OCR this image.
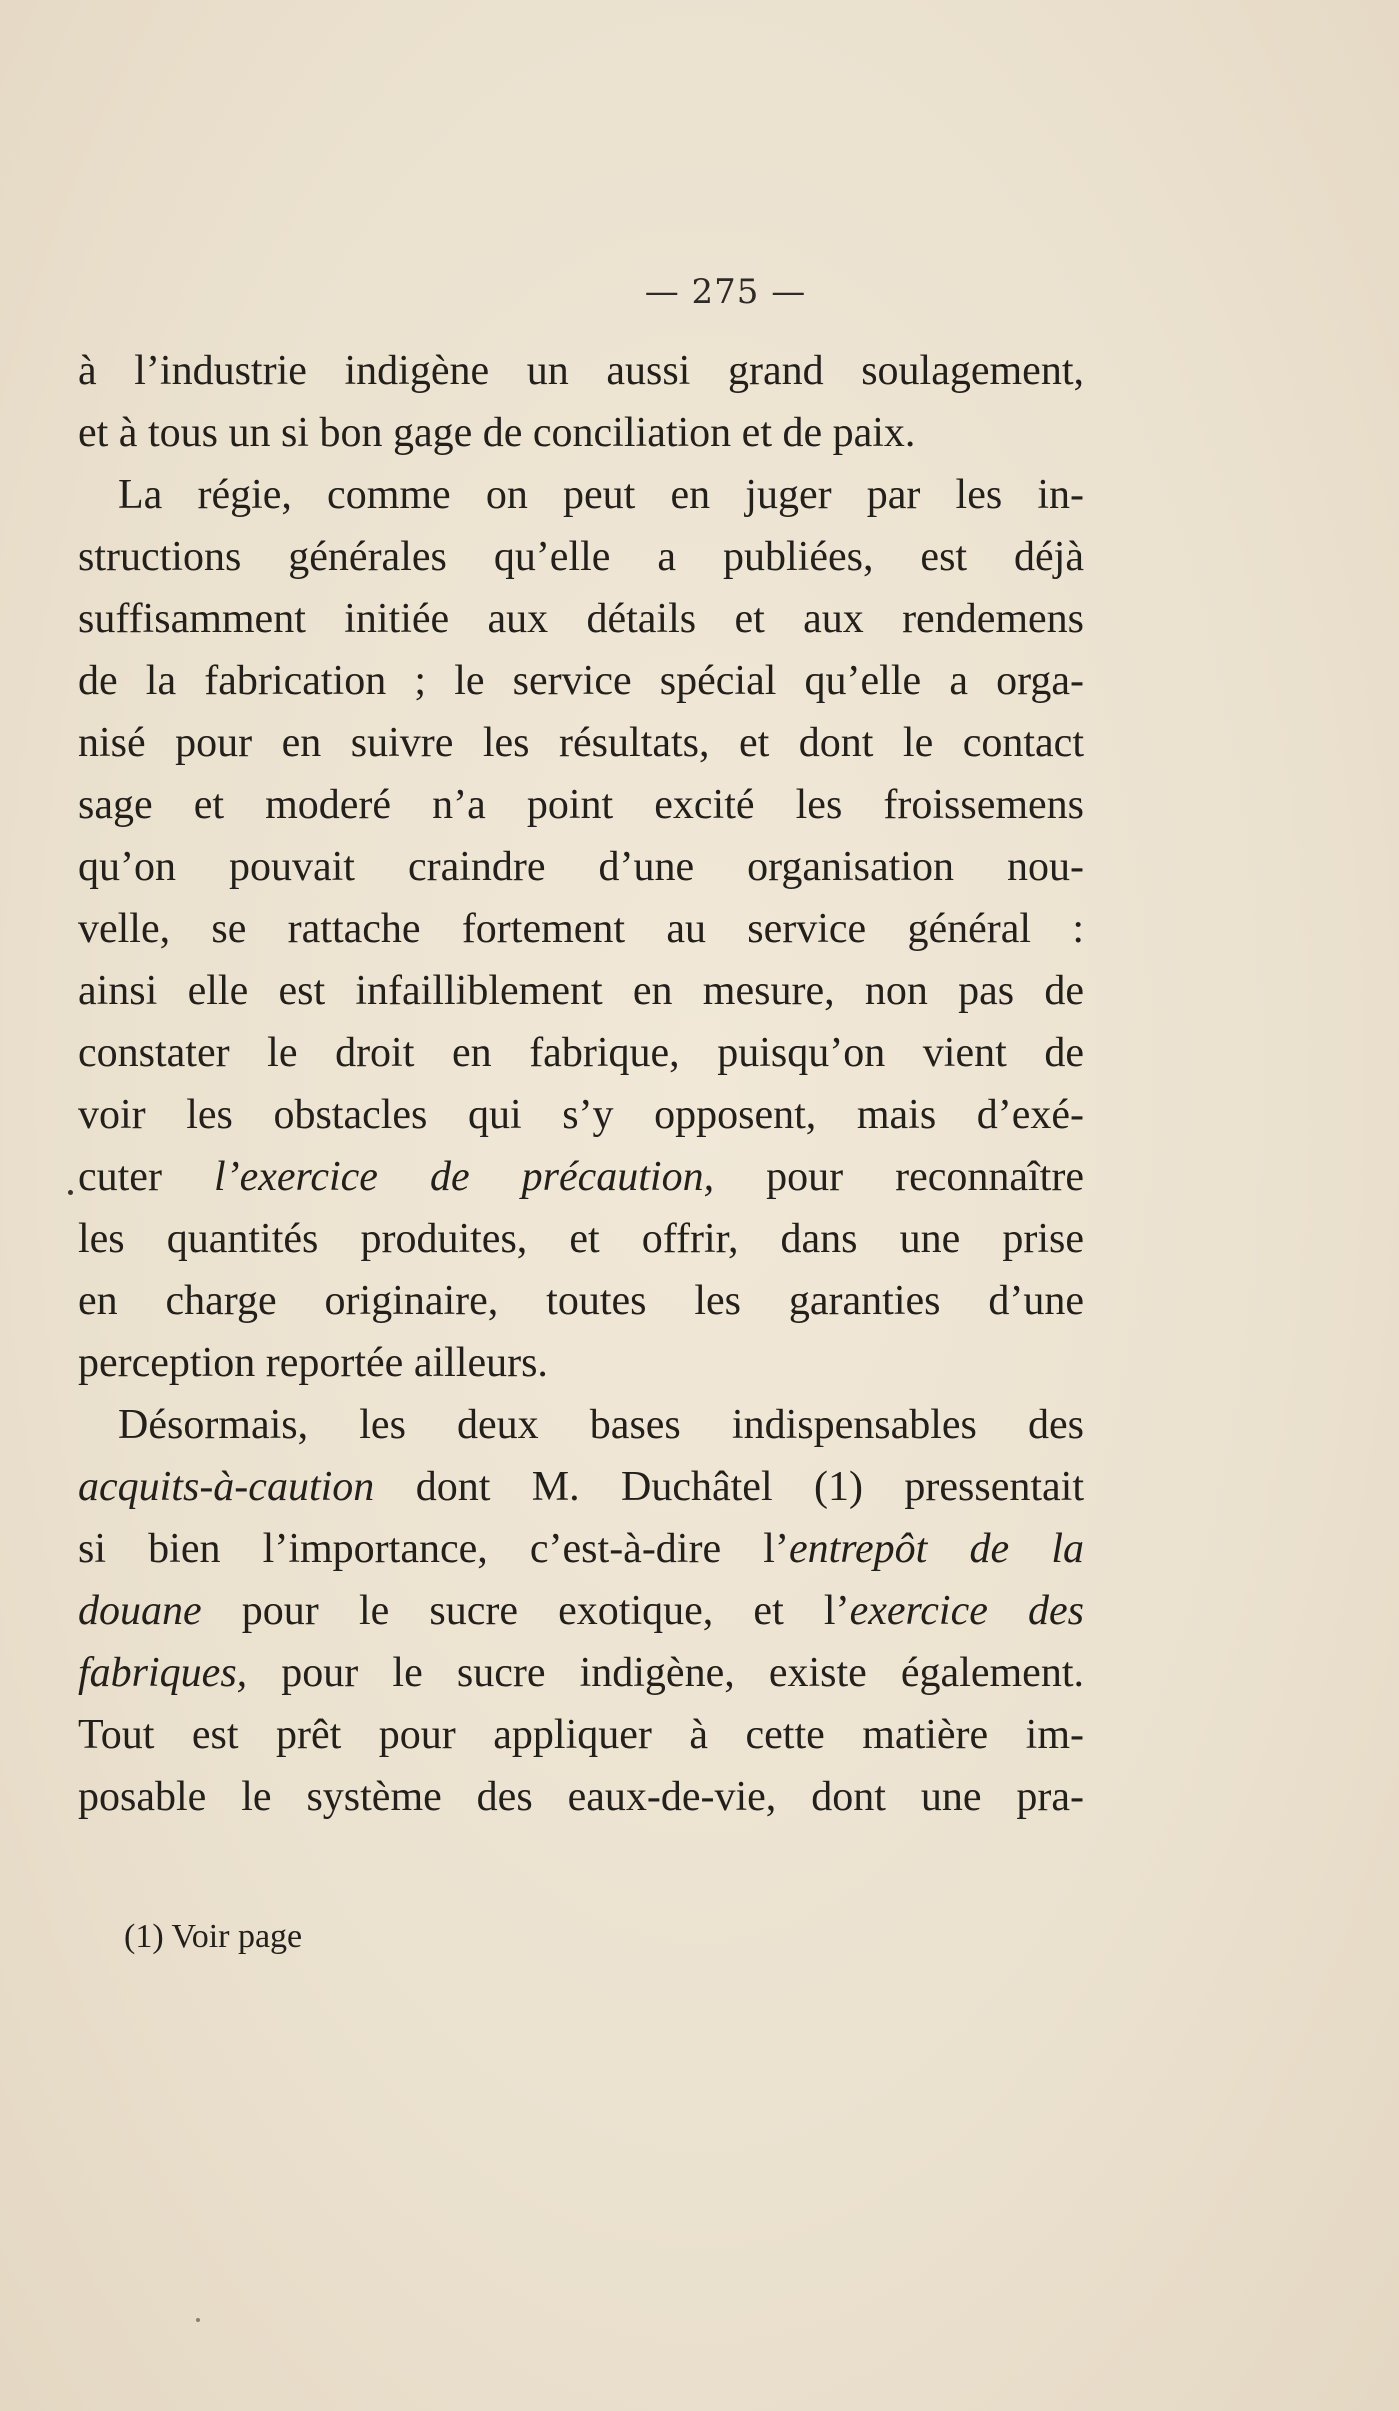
— 275 —
à l’industrie indigène un aussi grand soulagement,
et à tous un si bon gage de conciliation et de paix.
La régie, comme on peut en juger par les in-
structions générales qu’elle a publiées, est déjà
suffisamment initiée aux détails et aux rendemens
de la fabrication ; le service spécial qu’elle a orga-
nisé pour en suivre les résultats, et dont le contact
sage et moderé n’a point excité les froissemens
qu’on pouvait craindre d’une organisation nou-
velle, se rattache fortement au service général :
ainsi elle est infailliblement en mesure, non pas de
constater le droit en fabrique, puisqu’on vient de
voir les obstacles qui s’y opposent, mais d’exé-
cuter l’exercice de précaution, pour reconnaître
les quantités produites, et offrir, dans une prise
en charge originaire, toutes les garanties d’une
perception reportée ailleurs.
Désormais, les deux bases indispensables des
acquits-à-caution dont M. Duchâtel (1) pressentait
si bien l’importance, c’est-à-dire l’entrepôt de la
douane pour le sucre exotique, et l’exercice des
fabriques, pour le sucre indigène, existe également.
Tout est prêt pour appliquer à cette matière im-
posable le système des eaux-de-vie, dont une pra-
(1) Voir page
